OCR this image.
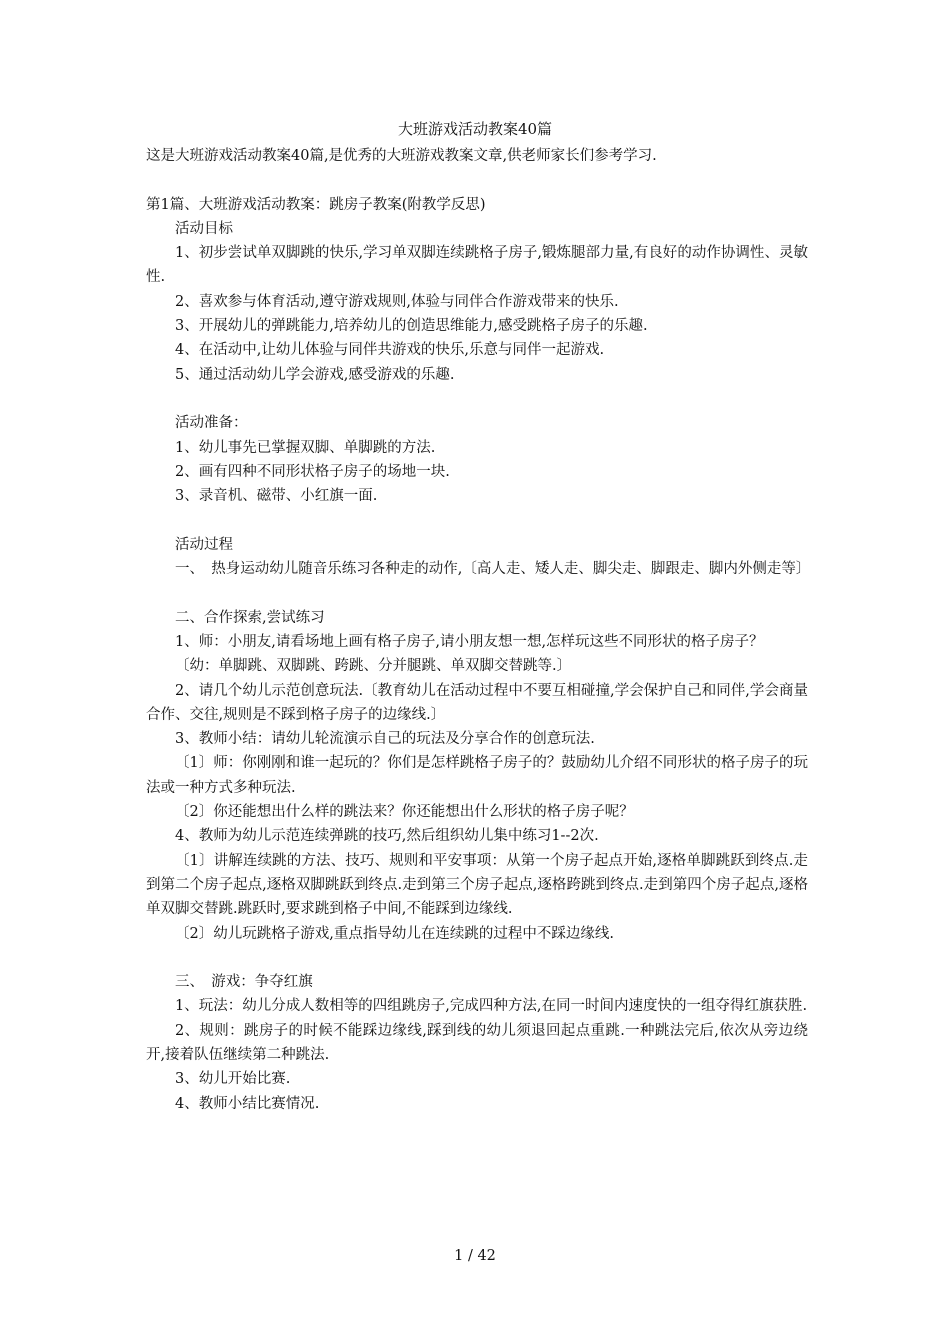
大班游戏活动教案40篇

这是大班游戏活动教案40篇,是优秀的大班游戏教案文章,供老师家长们参考学习.

第1篇、大班游戏活动教案：跳房子教案(附教学反思)

活动目标

1、初步尝试单双脚跳的快乐,学习单双脚连续跳格子房子,锻炼腿部力量,有良好的动作协调性、灵敏性.

2、喜欢参与体育活动,遵守游戏规则,体验与同伴合作游戏带来的快乐.

3、开展幼儿的弹跳能力,培养幼儿的创造思维能力,感受跳格子房子的乐趣.

4、在活动中,让幼儿体验与同伴共游戏的快乐,乐意与同伴一起游戏.

5、通过活动幼儿学会游戏,感受游戏的乐趣.

活动准备：

1、幼儿事先已掌握双脚、单脚跳的方法.

2、画有四种不同形状格子房子的场地一块.

3、录音机、磁带、小红旗一面.

活动过程

一、　热身运动幼儿随音乐练习各种走的动作,〔高人走、矮人走、脚尖走、脚跟走、脚内外侧走等〕

二、合作探索,尝试练习

1、师：小朋友,请看场地上画有格子房子,请小朋友想一想,怎样玩这些不同形状的格子房子？

〔幼：单脚跳、双脚跳、跨跳、分并腿跳、单双脚交替跳等.〕

2、请几个幼儿示范创意玩法.〔教育幼儿在活动过程中不要互相碰撞,学会保护自己和同伴,学会商量合作、交往,规则是不踩到格子房子的边缘线.〕

3、教师小结：请幼儿轮流演示自己的玩法及分享合作的创意玩法.

〔1〕师：你刚刚和谁一起玩的？你们是怎样跳格子房子的？鼓励幼儿介绍不同形状的格子房子的玩法或一种方式多种玩法.

〔2〕你还能想出什么样的跳法来？你还能想出什么形状的格子房子呢？

4、教师为幼儿示范连续弹跳的技巧,然后组织幼儿集中练习1--2次.

〔1〕讲解连续跳的方法、技巧、规则和平安事项：从第一个房子起点开始,逐格单脚跳跃到终点.走到第二个房子起点,逐格双脚跳跃到终点.走到第三个房子起点,逐格跨跳到终点.走到第四个房子起点,逐格单双脚交替跳.跳跃时,要求跳到格子中间,不能踩到边缘线.

〔2〕幼儿玩跳格子游戏,重点指导幼儿在连续跳的过程中不踩边缘线.

三、　游戏：争夺红旗

1、玩法：幼儿分成人数相等的四组跳房子,完成四种方法,在同一时间内速度快的一组夺得红旗获胜.

2、规则：跳房子的时候不能踩边缘线,踩到线的幼儿须退回起点重跳.一种跳法完后,依次从旁边绕开,接着队伍继续第二种跳法.

3、幼儿开始比赛.

4、教师小结比赛情况.

1 / 42
